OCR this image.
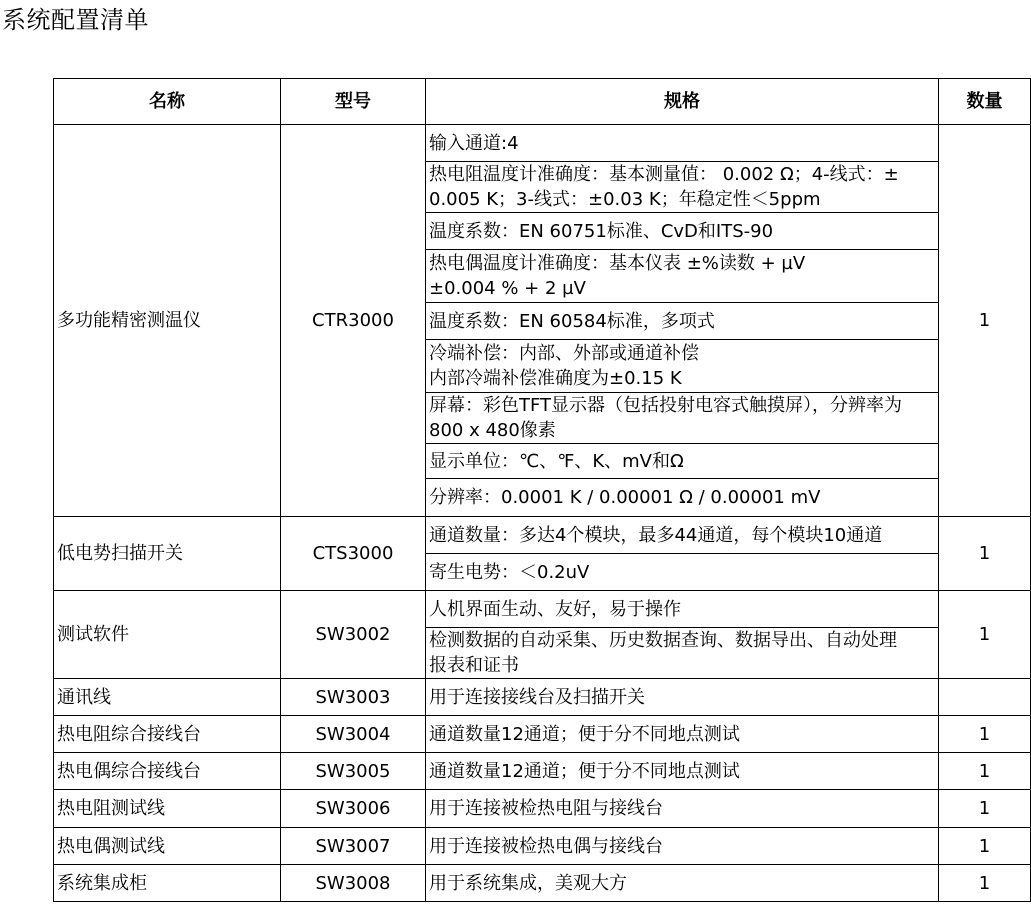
系统配置清单
名称	型号	规格	数量
多功能精密测温仪	CTR3000	输入通道:4	1

		热电阻温度计准确度：基本测量值： 0.002 Ω；4-线式：±
0.005 K；3-线式：±0.03 K；年稳定性＜5ppm	

		温度系数：EN 60751标准、CvD和ITS-90	

		热电偶温度计准确度：基本仪表 ±%读数 + µV
±0.004 % + 2 µV	

		温度系数：EN 60584标准，多项式	

		冷端补偿：内部、外部或通道补偿
内部冷端补偿准确度为±0.15 K	

		屏幕：彩色TFT显示器（包括投射电容式触摸屏），分辨率为
800 x 480像素	

		显示单位：℃、℉、K、mV和Ω	

		分辨率：0.0001 K / 0.00001 Ω / 0.00001 mV	

低电势扫描开关	CTS3000	通道数量：多达4个模块，最多44通道，每个模块10通道	1

		寄生电势：＜0.2uV	

测试软件	SW3002	人机界面生动、友好，易于操作	1

		检测数据的自动采集、历史数据查询、数据导出、自动处理
报表和证书	

通讯线	SW3003	用于连接接线台及扫描开关	
热电阻综合接线台	SW3004	通道数量12通道；便于分不同地点测试	1
热电偶综合接线台	SW3005	通道数量12通道；便于分不同地点测试	1
热电阻测试线	SW3006	用于连接被检热电阻与接线台	1
热电偶测试线	SW3007	用于连接被检热电偶与接线台	1
系统集成柜	SW3008	用于系统集成，美观大方	1
